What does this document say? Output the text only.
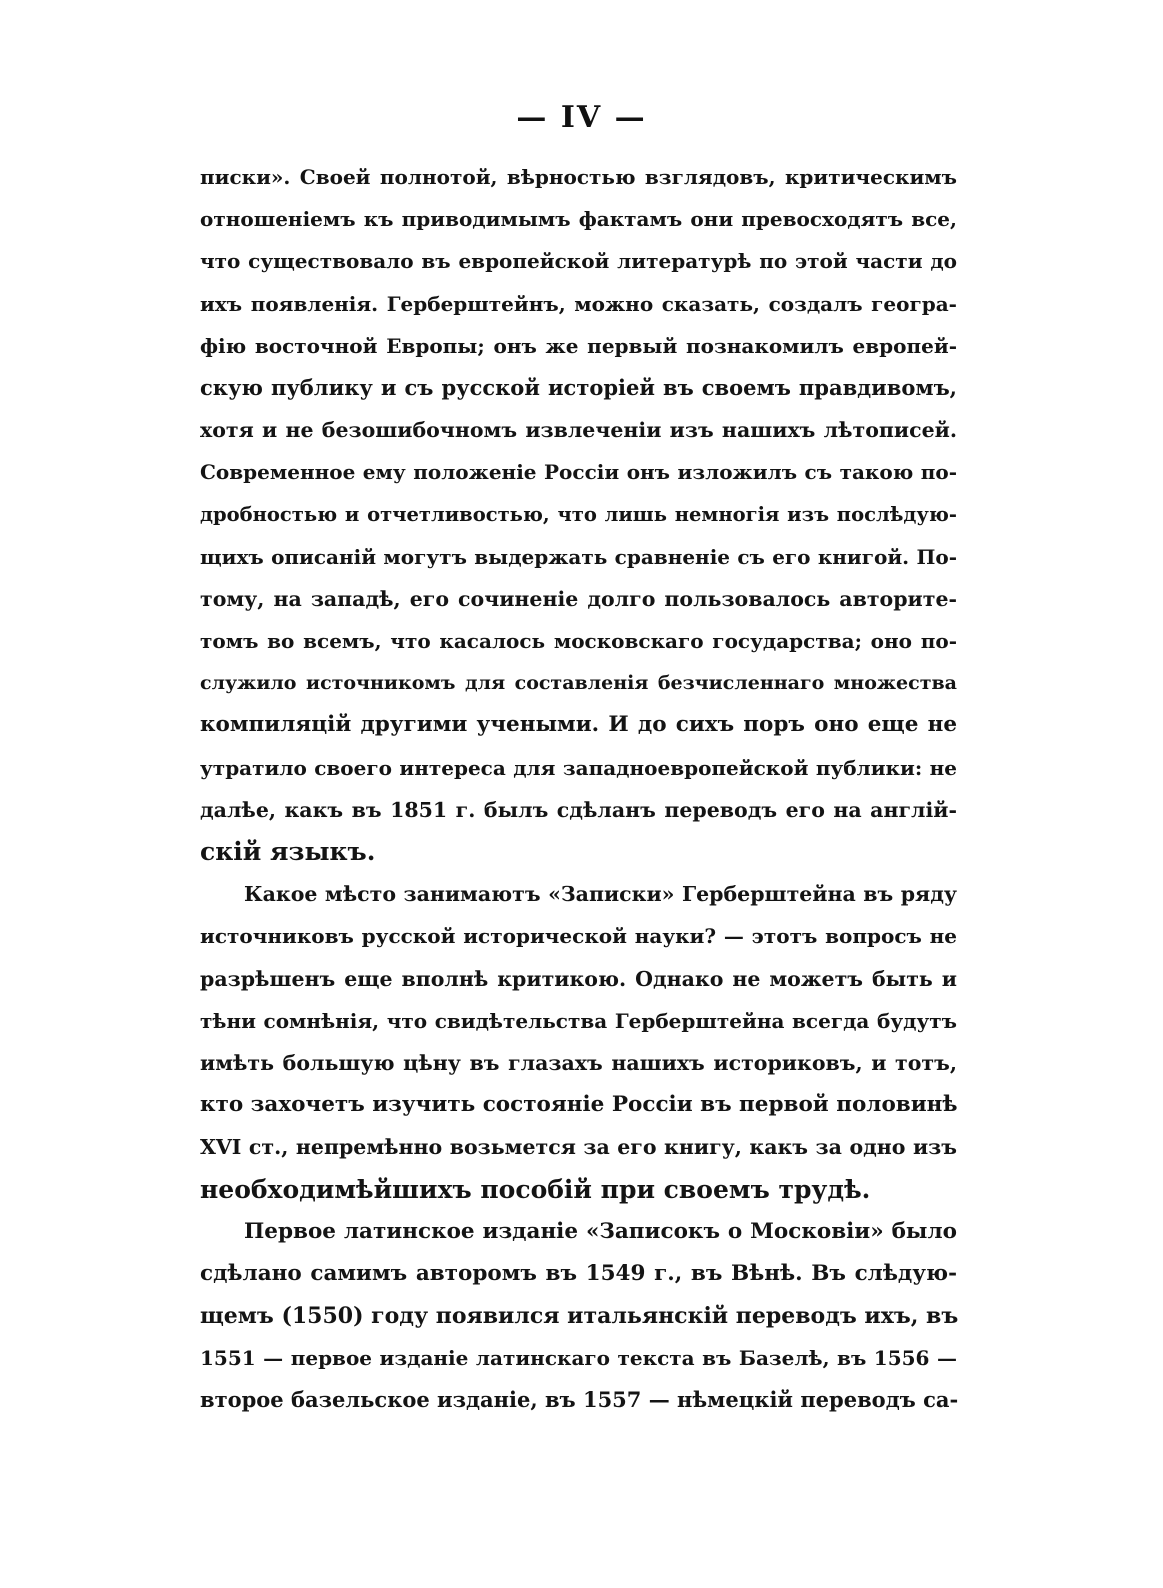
— IV —
писки». Своей полнотой, вѣрностью взглядовъ, критическимъ
отношеніемъ къ приводимымъ фактамъ они превосходятъ все,
что существовало въ европейской литературѣ по этой части до
ихъ появленія. Герберштейнъ, можно сказать, создалъ геогра-
фію восточной Европы; онъ же первый познакомилъ европей-
скую публику и съ русской исторіей въ своемъ правдивомъ,
хотя и не безошибочномъ извлеченіи изъ нашихъ лѣтописей.
Современное ему положеніе Россіи онъ изложилъ съ такою по-
дробностью и отчетливостью, что лишь немногія изъ послѣдую-
щихъ описаній могутъ выдержать сравненіе съ его книгой. По-
тому, на западѣ, его сочиненіе долго пользовалось авторите-
томъ во всемъ, что касалось московскаго государства; оно по-
служило источникомъ для составленія безчисленнаго множества
компиляцій другими учеными. И до сихъ поръ оно еще не
утратило своего интереса для западноевропейской публики: не
далѣе, какъ въ 1851 г. былъ сдѣланъ переводъ его на англій-
скій языкъ.
Какое мѣсто занимаютъ «Записки» Герберштейна въ ряду
источниковъ русской исторической науки? — этотъ вопросъ не
разрѣшенъ еще вполнѣ критикою. Однако не можетъ быть и
тѣни сомнѣнія, что свидѣтельства Герберштейна всегда будутъ
имѣть большую цѣну въ глазахъ нашихъ историковъ, и тотъ,
кто захочетъ изучить состояніе Россіи въ первой половинѣ
XVI ст., непремѣнно возьмется за его книгу, какъ за одно изъ
необходимѣйшихъ пособій при своемъ трудѣ.
Первое латинское изданіе «Записокъ о Московіи» было
сдѣлано самимъ авторомъ въ 1549 г., въ Вѣнѣ. Въ слѣдую-
щемъ (1550) году появился итальянскій переводъ ихъ, въ
1551 — первое изданіе латинскаго текста въ Базелѣ, въ 1556 —
второе базельское изданіе, въ 1557 — нѣмецкій переводъ са-
